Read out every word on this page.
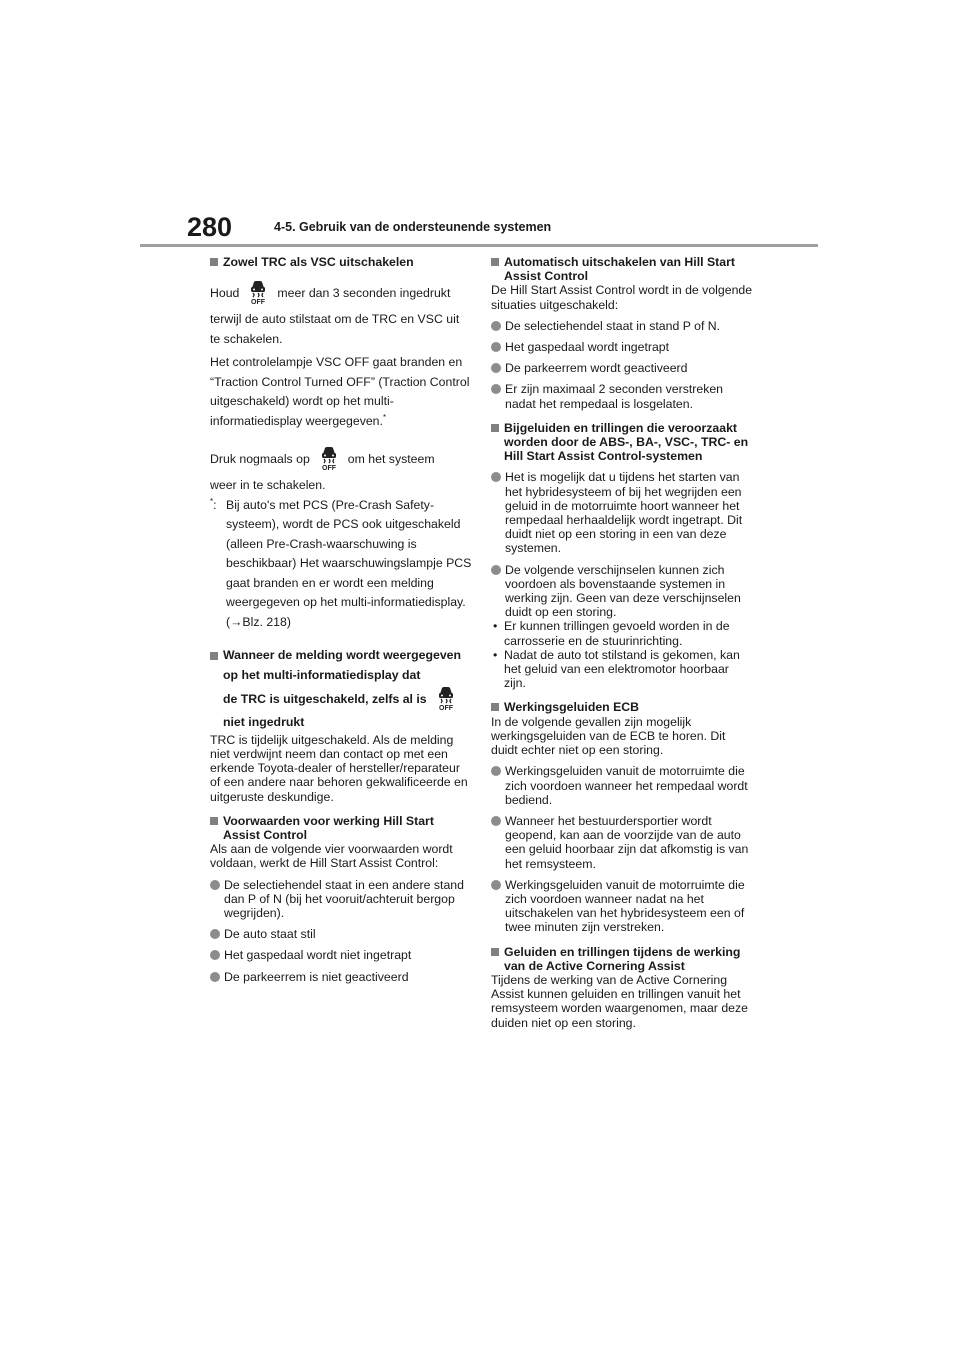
280	4-5. Gebruik van de ondersteunende systemen
Zowel TRC als VSC uitschakelen
Houd
OFF
meer dan 3 seconden ingedrukt
terwijl de auto stilstaat om de TRC en VSC uit te schakelen.
Het controlelampje VSC OFF gaat branden en “Traction Control Turned OFF” (Traction Control uitgeschakeld) wordt op het multi-informatiedisplay weergegeven.*
Druk nogmaals op
OFF
om het systeem
weer in te schakelen.
*: Bij auto's met PCS (Pre-Crash Safety-systeem), wordt de PCS ook uitgeschakeld (alleen Pre-Crash-waarschuwing is beschikbaar) Het waarschuwingslampje PCS gaat branden en er wordt een melding weergegeven op het multi-informatiedisplay. (→Blz. 218)
Wanneer de melding wordt weergegeven op het multi-informatiedisplay dat
de TRC is uitgeschakeld, zelfs al is
OFF
niet ingedrukt
TRC is tijdelijk uitgeschakeld. Als de melding niet verdwijnt neem dan contact op met een erkende Toyota-dealer of hersteller/reparateur of een andere naar behoren gekwalificeerde en uitgeruste deskundige.
Voorwaarden voor werking Hill Start Assist Control
Als aan de volgende vier voorwaarden wordt voldaan, werkt de Hill Start Assist Control:
De selectiehendel staat in een andere stand dan P of N (bij het vooruit/achteruit bergop wegrijden).
De auto staat stil
Het gaspedaal wordt niet ingetrapt
De parkeerrem is niet geactiveerd
Automatisch uitschakelen van Hill Start Assist Control
De Hill Start Assist Control wordt in de volgende situaties uitgeschakeld:
De selectiehendel staat in stand P of N.
Het gaspedaal wordt ingetrapt
De parkeerrem wordt geactiveerd
Er zijn maximaal 2 seconden verstreken nadat het rempedaal is losgelaten.
Bijgeluiden en trillingen die veroorzaakt worden door de ABS-, BA-, VSC-, TRC- en Hill Start Assist Control-systemen
Het is mogelijk dat u tijdens het starten van het hybridesysteem of bij het wegrijden een geluid in de motorruimte hoort wanneer het rempedaal herhaaldelijk wordt ingetrapt. Dit duidt niet op een storing in een van deze systemen.
De volgende verschijnselen kunnen zich voordoen als bovenstaande systemen in werking zijn. Geen van deze verschijnselen duidt op een storing.
• Er kunnen trillingen gevoeld worden in de carrosserie en de stuurinrichting.
• Nadat de auto tot stilstand is gekomen, kan het geluid van een elektromotor hoorbaar zijn.
Werkingsgeluiden ECB
In de volgende gevallen zijn mogelijk werkingsgeluiden van de ECB te horen. Dit duidt echter niet op een storing.
Werkingsgeluiden vanuit de motorruimte die zich voordoen wanneer het rempedaal wordt bediend.
Wanneer het bestuurdersportier wordt geopend, kan aan de voorzijde van de auto een geluid hoorbaar zijn dat afkomstig is van het remsysteem.
Werkingsgeluiden vanuit de motorruimte die zich voordoen wanneer nadat na het uitschakelen van het hybridesysteem een of twee minuten zijn verstreken.
Geluiden en trillingen tijdens de werking van de Active Cornering Assist
Tijdens de werking van de Active Cornering Assist kunnen geluiden en trillingen vanuit het remsysteem worden waargenomen, maar deze duiden niet op een storing.
